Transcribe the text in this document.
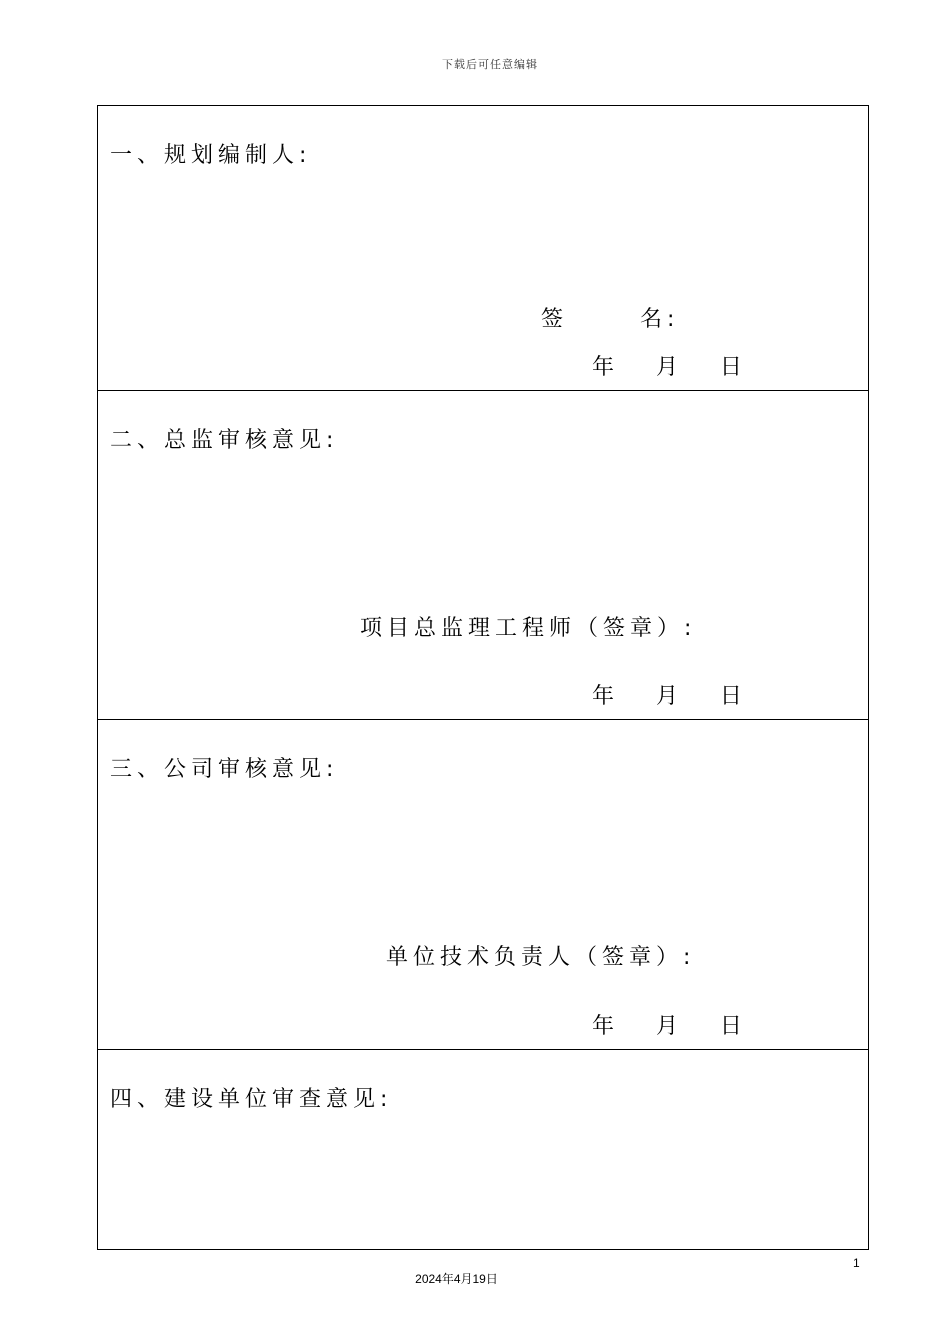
下载后可任意编辑
一、规划编制人:
签      名:
年      月      日
二、总监审核意见:
项目总监理工程师（签章）:
年      月      日
三、公司审核意见:
单位技术负责人（签章）:
年      月      日
四、建设单位审查意见:
1
2024年4月19日
